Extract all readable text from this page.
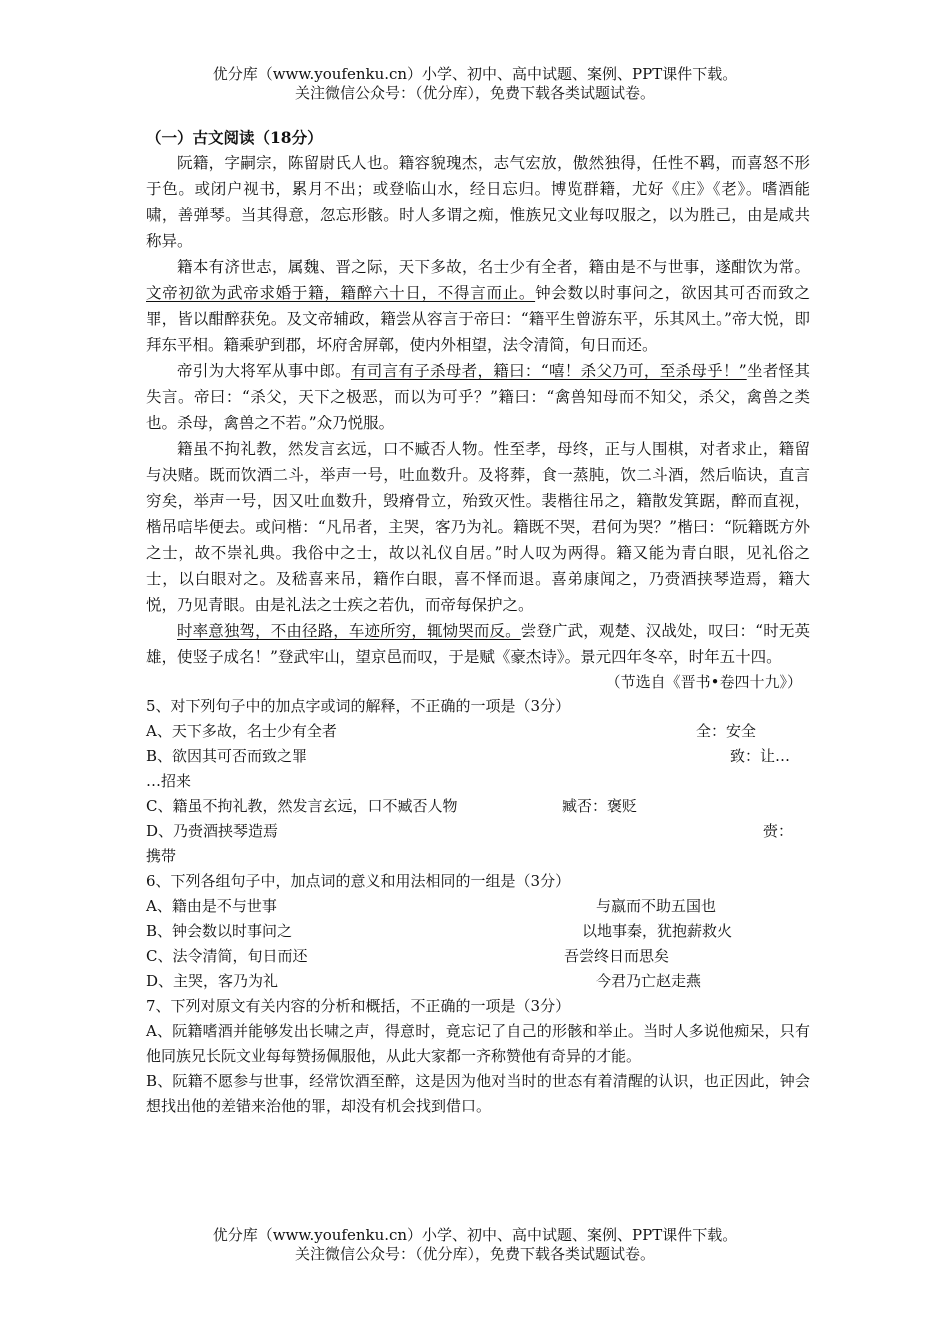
优分库（www.youfenku.cn）小学、初中、高中试题、案例、PPT课件下载。
关注微信公众号：（优分库），免费下载各类试题试卷。

（一）古文阅读（18分）

阮籍，字嗣宗，陈留尉氏人也。籍容貌瑰杰，志气宏放，傲然独得，任性不羁，而喜怒不形于色。或闭户视书，累月不出；或登临山水，经日忘归。博览群籍，尤好《庄》《老》。嗜酒能啸，善弹琴。当其得意，忽忘形骸。时人多谓之痴，惟族兄文业每叹服之，以为胜己，由是咸共称异。

籍本有济世志，属魏、晋之际，天下多故，名士少有全者，籍由是不与世事，遂酣饮为常。文帝初欲为武帝求婚于籍，籍醉六十日，不得言而止。钟会数以时事问之，欲因其可否而致之罪，皆以酣醉获免。及文帝辅政，籍尝从容言于帝曰：“籍平生曾游东平，乐其风土。”帝大悦，即拜东平相。籍乘驴到郡，坏府舍屏鄣，使内外相望，法令清简，旬日而还。

帝引为大将军从事中郎。有司言有子杀母者，籍曰：“嘻！杀父乃可，至杀母乎！”坐者怪其失言。帝曰：“杀父，天下之极恶，而以为可乎？”籍曰：“禽兽知母而不知父，杀父，禽兽之类也。杀母，禽兽之不若。”众乃悦服。

籍虽不拘礼教，然发言玄远，口不臧否人物。性至孝，母终，正与人围棋，对者求止，籍留与决赌。既而饮酒二斗，举声一号，吐血数升。及将葬，食一蒸肫，饮二斗酒，然后临诀，直言穷矣，举声一号，因又吐血数升，毁瘠骨立，殆致灭性。裴楷往吊之，籍散发箕踞，醉而直视，楷吊唁毕便去。或问楷：“凡吊者，主哭，客乃为礼。籍既不哭，君何为哭？”楷曰：“阮籍既方外之士，故不崇礼典。我俗中之士，故以礼仪自居。”时人叹为两得。籍又能为青白眼，见礼俗之士，以白眼对之。及嵇喜来吊，籍作白眼，喜不怿而退。喜弟康闻之，乃赍酒挟琴造焉，籍大悦，乃见青眼。由是礼法之士疾之若仇，而帝每保护之。

时率意独驾，不由径路，车迹所穷，辄恸哭而反。尝登广武，观楚、汉战处，叹曰：“时无英雄，使竖子成名！”登武牢山，望京邑而叹，于是赋《豪杰诗》。景元四年冬卒，时年五十四。

（节选自《晋书•卷四十九》）

5、对下列句子中的加点字或词的解释，不正确的一项是（3分）

A、天下多故，名士少有全者	全：安全

B、欲因其可否而致之罪	致：让…

…招来

C、籍虽不拘礼教，然发言玄远，口不臧否人物	臧否：褒贬

D、乃赍酒挟琴造焉	赍：

携带

6、下列各组句子中，加点词的意义和用法相同的一组是（3分）

A、籍由是不与世事	与嬴而不助五国也

B、钟会数以时事问之	以地事秦，犹抱薪救火

C、法令清简，旬日而还	吾尝终日而思矣

D、主哭，客乃为礼	今君乃亡赵走燕

7、下列对原文有关内容的分析和概括，不正确的一项是（3分）

A、阮籍嗜酒并能够发出长啸之声，得意时，竟忘记了自己的形骸和举止。当时人多说他痴呆，只有他同族兄长阮文业每每赞扬佩服他，从此大家都一齐称赞他有奇异的才能。

B、阮籍不愿参与世事，经常饮酒至醉，这是因为他对当时的世态有着清醒的认识，也正因此，钟会想找出他的差错来治他的罪，却没有机会找到借口。

优分库（www.youfenku.cn）小学、初中、高中试题、案例、PPT课件下载。
关注微信公众号：（优分库），免费下载各类试题试卷。
